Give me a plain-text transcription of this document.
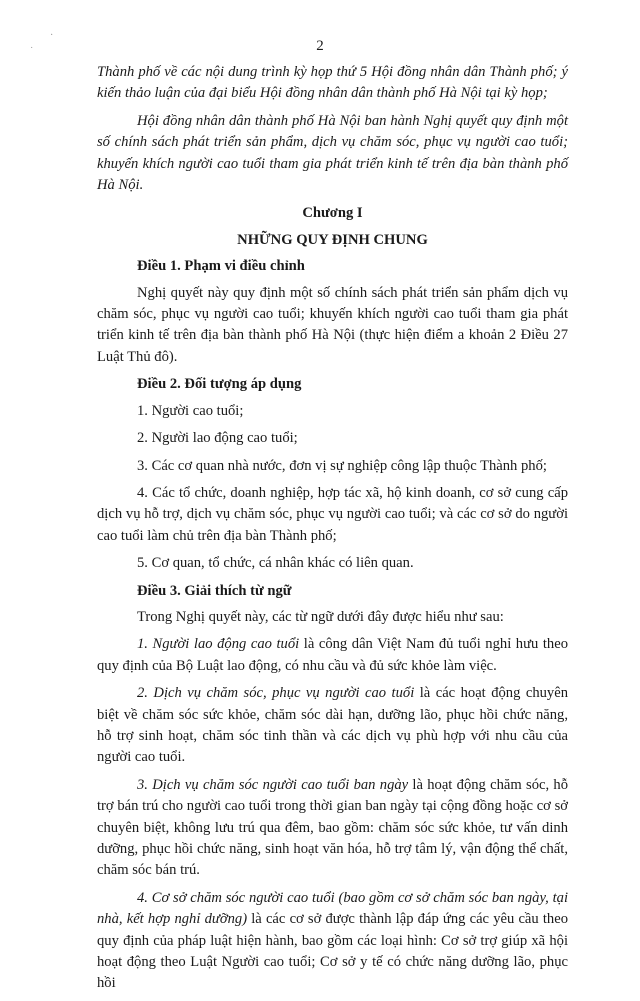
·
˙	2

Thành phố về các nội dung trình kỳ họp thứ 5 Hội đồng nhân dân Thành phố; ý kiến thảo luận của đại biểu Hội đồng nhân dân thành phố Hà Nội tại kỳ họp;

Hội đồng nhân dân thành phố Hà Nội ban hành Nghị quyết quy định một số chính sách phát triển sản phẩm, dịch vụ chăm sóc, phục vụ người cao tuổi; khuyến khích người cao tuổi tham gia phát triển kinh tế trên địa bàn thành phố Hà Nội.

Chương I
NHỮNG QUY ĐỊNH CHUNG
Điều 1. Phạm vi điều chỉnh

Nghị quyết này quy định một số chính sách phát triển sản phẩm dịch vụ chăm sóc, phục vụ người cao tuổi; khuyến khích người cao tuổi tham gia phát triển kinh tế trên địa bàn thành phố Hà Nội (thực hiện điểm a khoản 2 Điều 27 Luật Thủ đô).

Điều 2. Đối tượng áp dụng

1. Người cao tuổi;

2. Người lao động cao tuổi;

3. Các cơ quan nhà nước, đơn vị sự nghiệp công lập thuộc Thành phố;

4. Các tổ chức, doanh nghiệp, hợp tác xã, hộ kinh doanh, cơ sở cung cấp dịch vụ hỗ trợ, dịch vụ chăm sóc, phục vụ người cao tuổi; và các cơ sở do người cao tuổi làm chủ trên địa bàn Thành phố;

5. Cơ quan, tổ chức, cá nhân khác có liên quan.

Điều 3. Giải thích từ ngữ

Trong Nghị quyết này, các từ ngữ dưới đây được hiểu như sau:

1. Người lao động cao tuổi là công dân Việt Nam đủ tuổi nghỉ hưu theo quy định của Bộ Luật lao động, có nhu cầu và đủ sức khỏe làm việc.

2. Dịch vụ chăm sóc, phục vụ người cao tuổi là các hoạt động chuyên biệt về chăm sóc sức khỏe, chăm sóc dài hạn, dưỡng lão, phục hồi chức năng, hỗ trợ sinh hoạt, chăm sóc tinh thần và các dịch vụ phù hợp với nhu cầu của người cao tuổi.

3. Dịch vụ chăm sóc người cao tuổi ban ngày là hoạt động chăm sóc, hỗ trợ bán trú cho người cao tuổi trong thời gian ban ngày tại cộng đồng hoặc cơ sở chuyên biệt, không lưu trú qua đêm, bao gồm: chăm sóc sức khỏe, tư vấn dinh dưỡng, phục hồi chức năng, sinh hoạt văn hóa, hỗ trợ tâm lý, vận động thể chất, chăm sóc bán trú.

4. Cơ sở chăm sóc người cao tuổi (bao gồm cơ sở chăm sóc ban ngày, tại nhà, kết hợp nghỉ dưỡng) là các cơ sở được thành lập đáp ứng các yêu cầu theo quy định của pháp luật hiện hành, bao gồm các loại hình: Cơ sở trợ giúp xã hội hoạt động theo Luật Người cao tuổi; Cơ sở y tế có chức năng dưỡng lão, phục hồi
